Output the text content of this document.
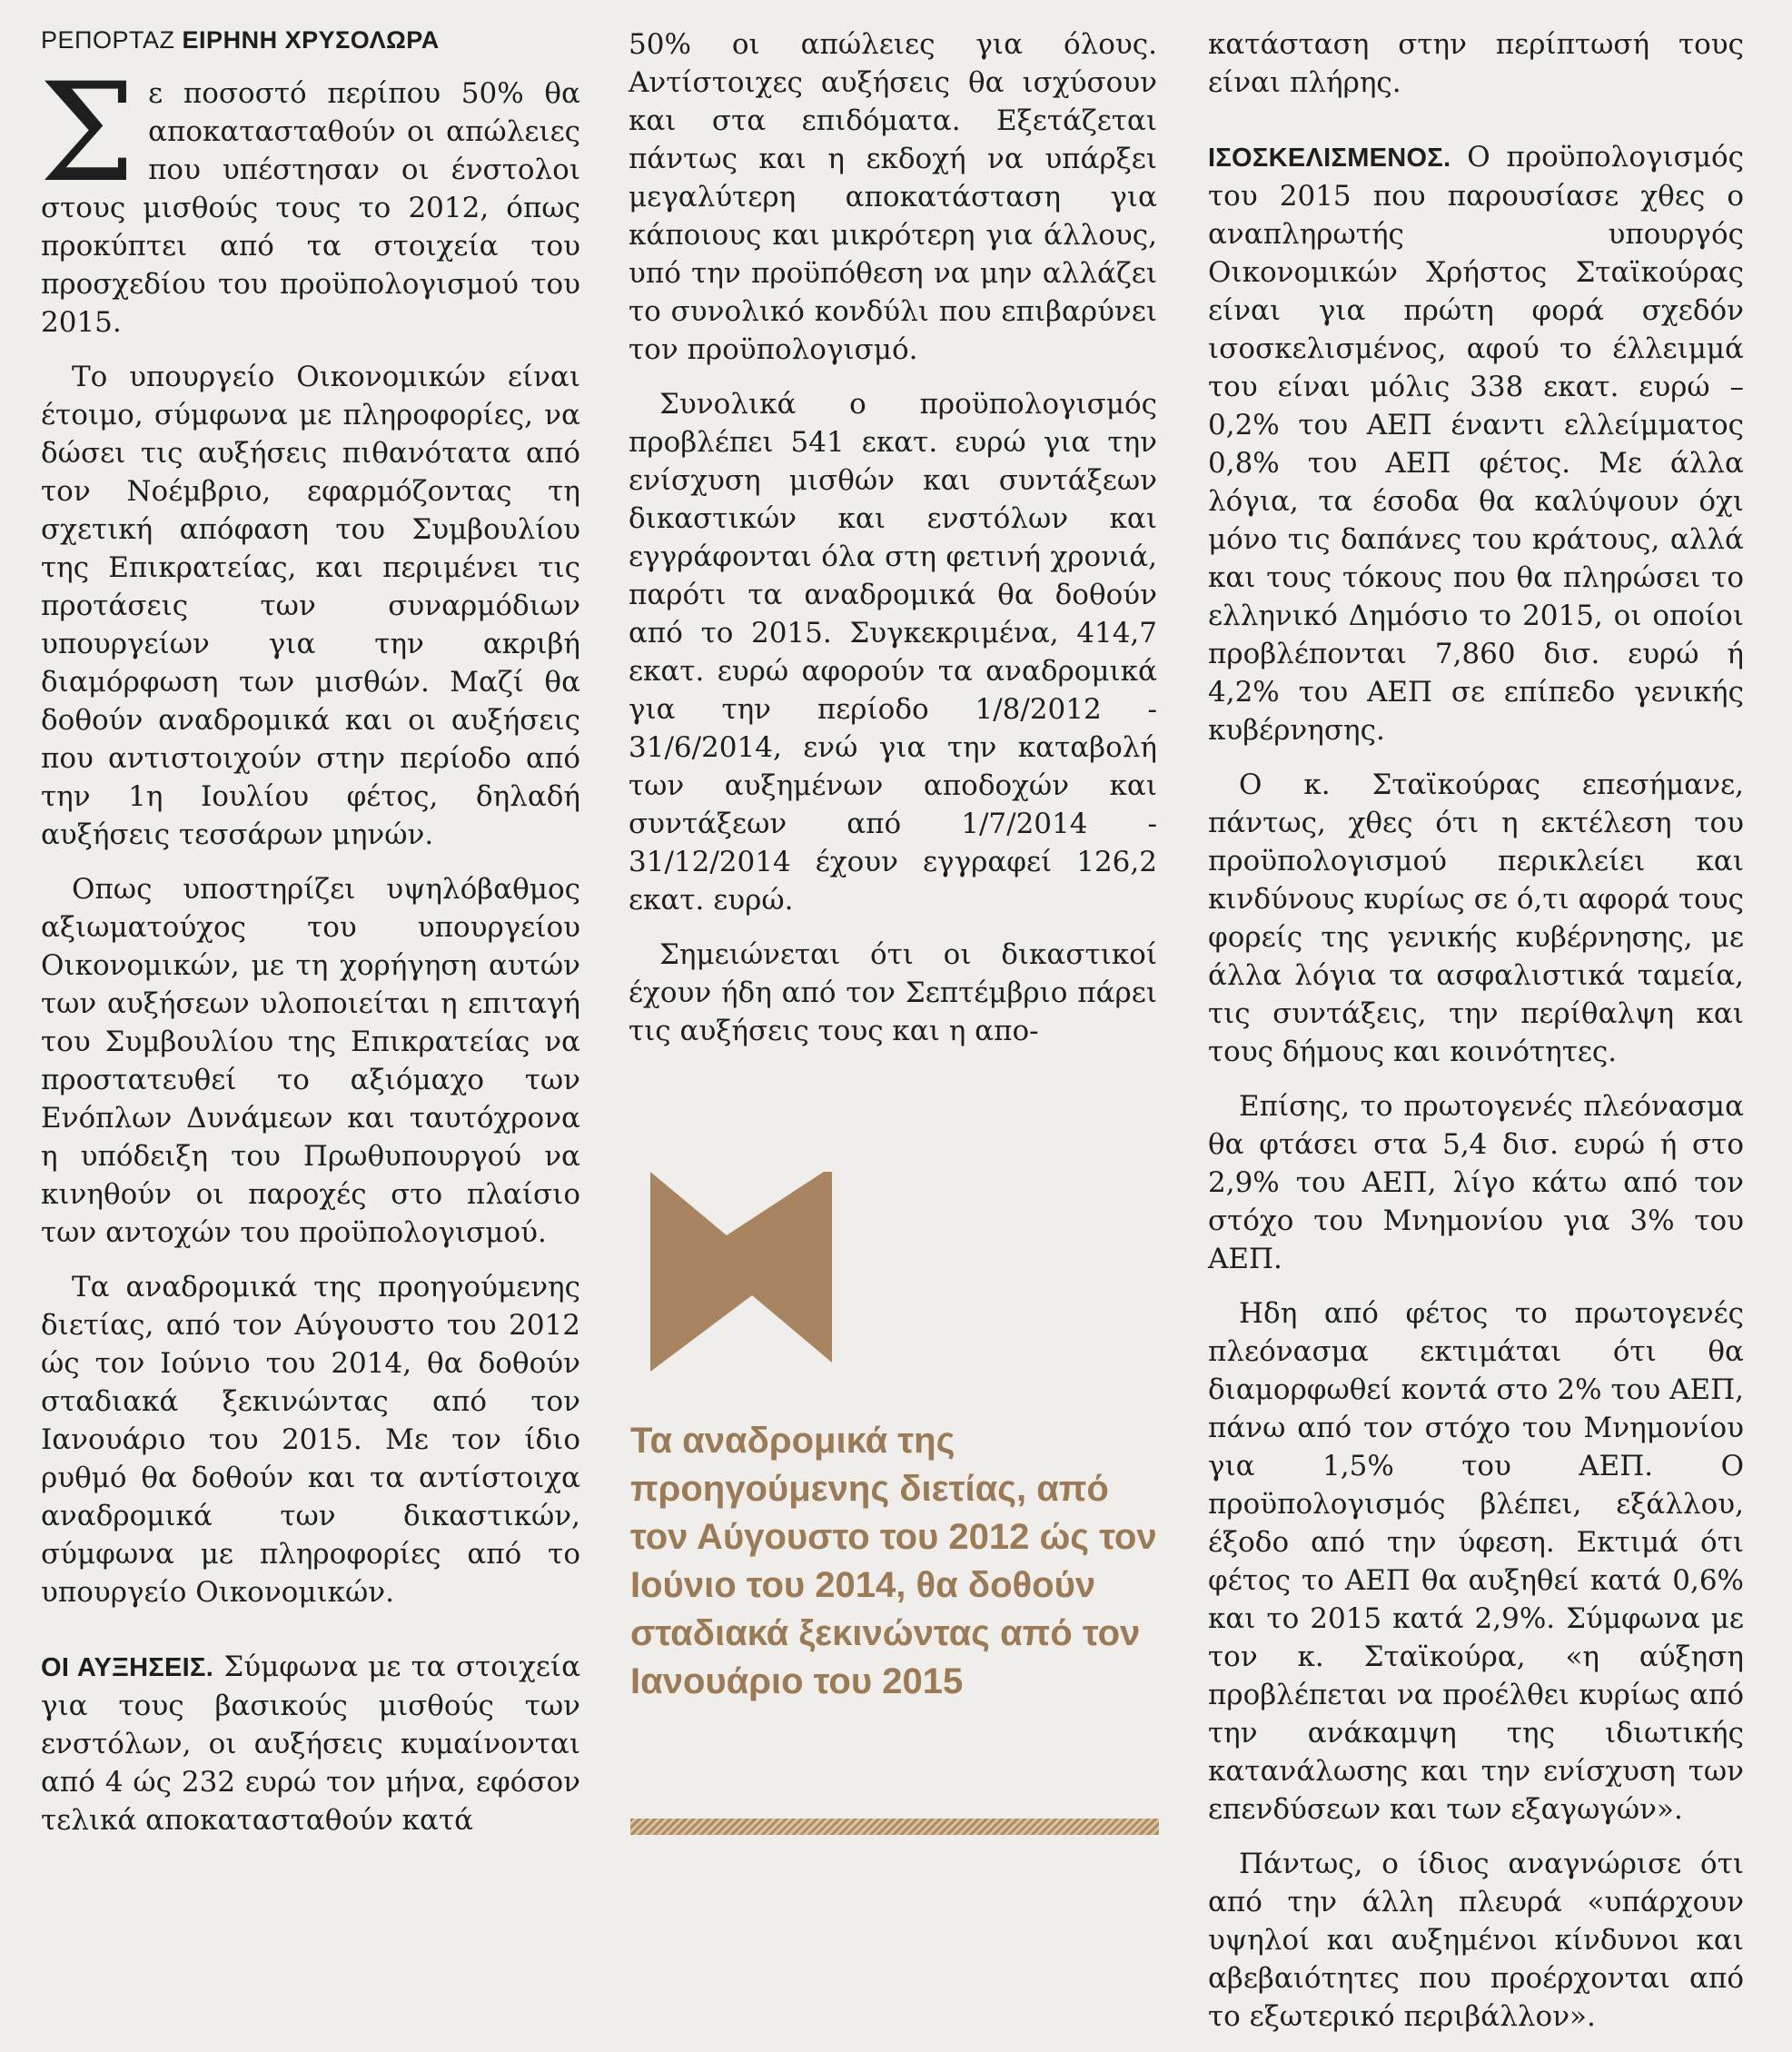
ΡΕΠΟΡΤΑΖ ΕΙΡΗΝΗ ΧΡΥΣΟΛΩΡΑ

Σε ποσοστό περίπου 50% θα αποκατασταθούν οι απώλειες που υπέστησαν οι ένστολοι στους μισθούς τους το 2012, όπως προκύπτει από τα στοιχεία του προσχεδίου του προϋπολογισμού του 2015.

Το υπουργείο Οικονομικών είναι έτοιμο, σύμφωνα με πληροφορίες, να δώσει τις αυξήσεις πιθανότατα από τον Νοέμβριο, εφαρμόζοντας τη σχετική απόφαση του Συμβουλίου της Επικρατείας, και περιμένει τις προτάσεις των συναρμόδιων υπουργείων για την ακριβή διαμόρφωση των μισθών. Μαζί θα δοθούν αναδρομικά και οι αυξήσεις που αντιστοιχούν στην περίοδο από την 1η Ιουλίου φέτος, δηλαδή αυξήσεις τεσσάρων μηνών.

Οπως υποστηρίζει υψηλόβαθμος αξιωματούχος του υπουργείου Οικονομικών, με τη χορήγηση αυτών των αυξήσεων υλοποιείται η επιταγή του Συμβουλίου της Επικρατείας να προστατευθεί το αξιόμαχο των Ενόπλων Δυνάμεων και ταυτόχρονα η υπόδειξη του Πρωθυπουργού να κινηθούν οι παροχές στο πλαίσιο των αντοχών του προϋπολογισμού.

Τα αναδρομικά της προηγούμενης διετίας, από τον Αύγουστο του 2012 ώς τον Ιούνιο του 2014, θα δοθούν σταδιακά ξεκινώντας από τον Ιανουάριο του 2015. Με τον ίδιο ρυθμό θα δοθούν και τα αντίστοιχα αναδρομικά των δικαστικών, σύμφωνα με πληροφορίες από το υπουργείο Οικονομικών.

ΟΙ ΑΥΞΗΣΕΙΣ. Σύμφωνα με τα στοιχεία για τους βασικούς μισθούς των ενστόλων, οι αυξήσεις κυμαίνονται από 4 ώς 232 ευρώ τον μήνα, εφόσον τελικά αποκατασταθούν κατά

50% οι απώλειες για όλους. Αντίστοιχες αυξήσεις θα ισχύσουν και στα επιδόματα. Εξετάζεται πάντως και η εκδοχή να υπάρξει μεγαλύτερη αποκατάσταση για κάποιους και μικρότερη για άλλους, υπό την προϋπόθεση να μην αλλάζει το συνολικό κονδύλι που επιβαρύνει τον προϋπολογισμό.

Συνολικά ο προϋπολογισμός προβλέπει 541 εκατ. ευρώ για την ενίσχυση μισθών και συντάξεων δικαστικών και ενστόλων και εγγράφονται όλα στη φετινή χρονιά, παρότι τα αναδρομικά θα δοθούν από το 2015. Συγκεκριμένα, 414,7 εκατ. ευρώ αφορούν τα αναδρομικά για την περίοδο 1/8/2012 - 31/6/2014, ενώ για την καταβολή των αυξημένων αποδοχών και συντάξεων από 1/7/2014 - 31/12/2014 έχουν εγγραφεί 126,2 εκατ. ευρώ.

Σημειώνεται ότι οι δικαστικοί έχουν ήδη από τον Σεπτέμβριο πάρει τις αυξήσεις τους και η απο-

Τα αναδρομικά της προηγούμενης διετίας, από τον Αύγουστο του 2012 ώς τον Ιούνιο του 2014, θα δοθούν σταδιακά ξεκινώντας από τον Ιανουάριο του 2015

κατάσταση στην περίπτωσή τους είναι πλήρης.

ΙΣΟΣΚΕΛΙΣΜΕΝΟΣ. Ο προϋπολογισμός του 2015 που παρουσίασε χθες ο αναπληρωτής υπουργός Οικονομικών Χρήστος Σταϊκούρας είναι για πρώτη φορά σχεδόν ισοσκελισμένος, αφού το έλλειμμά του είναι μόλις 338 εκατ. ευρώ – 0,2% του ΑΕΠ έναντι ελλείμματος 0,8% του ΑΕΠ φέτος. Με άλλα λόγια, τα έσοδα θα καλύψουν όχι μόνο τις δαπάνες του κράτους, αλλά και τους τόκους που θα πληρώσει το ελληνικό Δημόσιο το 2015, οι οποίοι προβλέπονται 7,860 δισ. ευρώ ή 4,2% του ΑΕΠ σε επίπεδο γενικής κυβέρνησης.

Ο κ. Σταϊκούρας επεσήμανε, πάντως, χθες ότι η εκτέλεση του προϋπολογισμού περικλείει και κινδύνους κυρίως σε ό,τι αφορά τους φορείς της γενικής κυβέρνησης, με άλλα λόγια τα ασφαλιστικά ταμεία, τις συντάξεις, την περίθαλψη και τους δήμους και κοινότητες.

Επίσης, το πρωτογενές πλεόνασμα θα φτάσει στα 5,4 δισ. ευρώ ή στο 2,9% του ΑΕΠ, λίγο κάτω από τον στόχο του Μνημονίου για 3% του ΑΕΠ.

Ηδη από φέτος το πρωτογενές πλεόνασμα εκτιμάται ότι θα διαμορφωθεί κοντά στο 2% του ΑΕΠ, πάνω από τον στόχο του Μνημονίου για 1,5% του ΑΕΠ. Ο προϋπολογισμός βλέπει, εξάλλου, έξοδο από την ύφεση. Εκτιμά ότι φέτος το ΑΕΠ θα αυξηθεί κατά 0,6% και το 2015 κατά 2,9%. Σύμφωνα με τον κ. Σταϊκούρα, «η αύξηση προβλέπεται να προέλθει κυρίως από την ανάκαμψη της ιδιωτικής κατανάλωσης και την ενίσχυση των επενδύσεων και των εξαγωγών».

Πάντως, ο ίδιος αναγνώρισε ότι από την άλλη πλευρά «υπάρχουν υψηλοί και αυξημένοι κίνδυνοι και αβεβαιότητες που προέρχονται από το εξωτερικό περιβάλλον».
